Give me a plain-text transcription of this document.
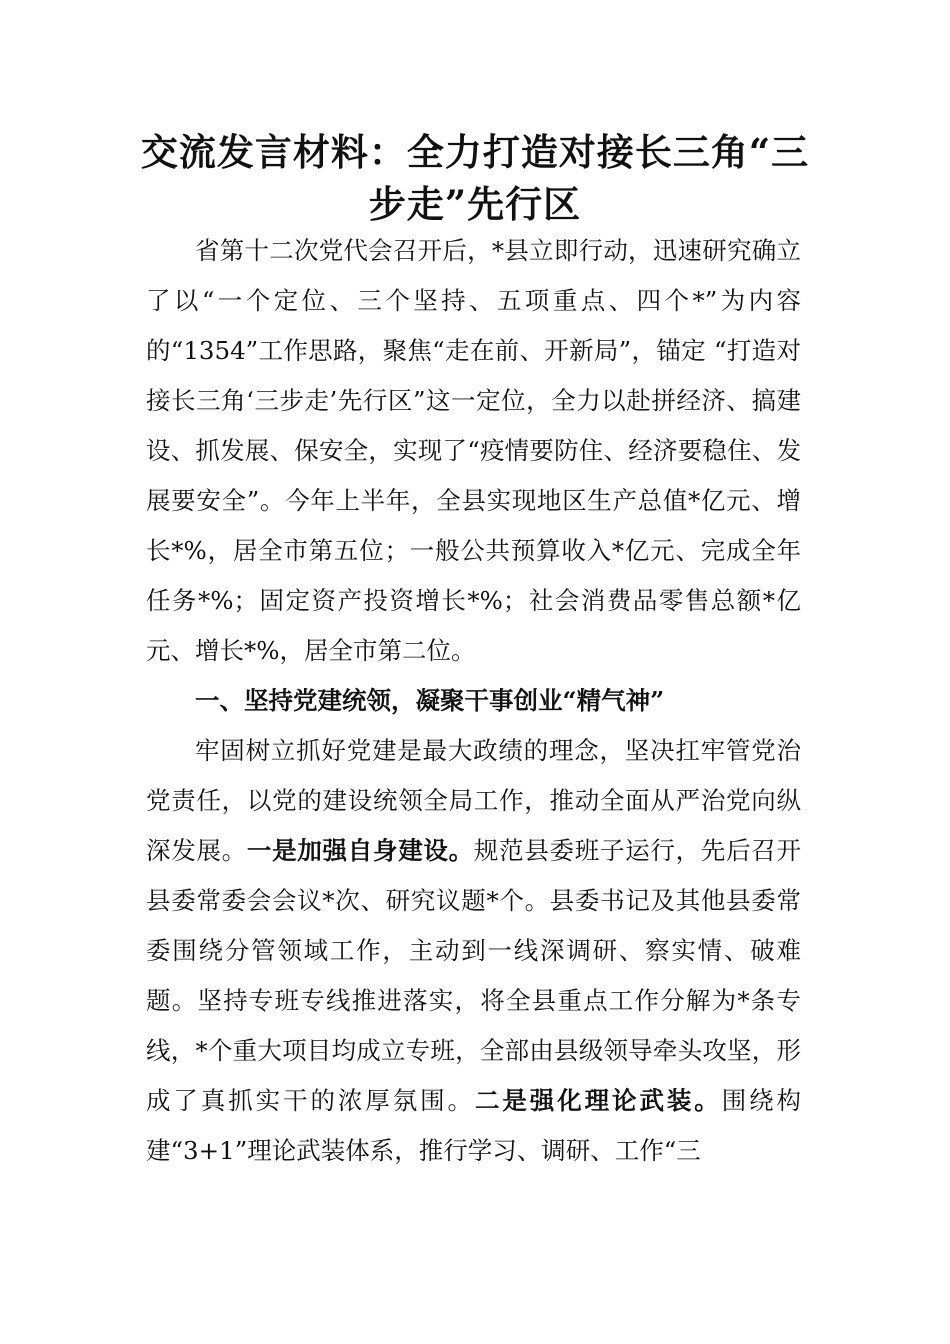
交流发言材料：全力打造对接长三角“三
步走”先行区

省第十二次党代会召开后，*县立即行动，迅速研究确立了以“一个定位、三个坚持、五项重点、四个*”为内容的“1354”工作思路，聚焦“走在前、开新局”，锚定 “打造对接长三角‘三步走’先行区”这一定位，全力以赴拼经济、搞建设、抓发展、保安全，实现了“疫情要防住、经济要稳住、发展要安全”。今年上半年，全县实现地区生产总值*亿元、增长*%，居全市第五位；一般公共预算收入*亿元、完成全年任务*%；固定资产投资增长*%；社会消费品零售总额*亿元、增长*%，居全市第二位。

一、坚持党建统领，凝聚干事创业“精气神”

牢固树立抓好党建是最大政绩的理念，坚决扛牢管党治党责任，以党的建设统领全局工作，推动全面从严治党向纵深发展。一是加强自身建设。规范县委班子运行，先后召开县委常委会会议*次、研究议题*个。县委书记及其他县委常委围绕分管领域工作，主动到一线深调研、察实情、破难题。坚持专班专线推进落实，将全县重点工作分解为*条专线，*个重大项目均成立专班，全部由县级领导牵头攻坚，形成了真抓实干的浓厚氛围。二是强化理论武装。围绕构建“3+1”理论武装体系，推行学习、调研、工作“三
